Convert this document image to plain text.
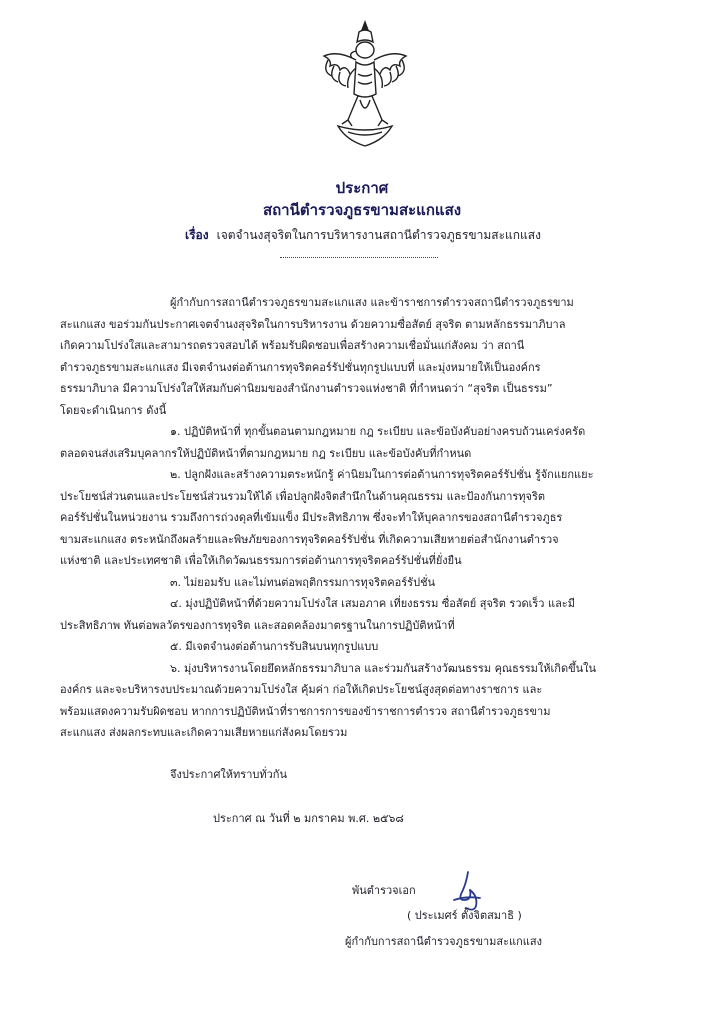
ประกาศ
สถานีตำรวจภูธรขามสะแกแสง
เรื่อง เจตจำนงสุจริตในการบริหารงานสถานีตำรวจภูธรขามสะแกแสง

ผู้กำกับการสถานีตำรวจภูธรขามสะแกแสง และข้าราชการตำรวจสถานีตำรวจภูธรขาม

สะแกแสง ขอร่วมกันประกาศเจตจำนงสุจริตในการบริหารงาน ด้วยความซื่อสัตย์ สุจริต ตามหลักธรรมาภิบาล

เกิดความโปร่งใสและสามารถตรวจสอบได้ พร้อมรับผิดชอบเพื่อสร้างความเชื่อมั่นแก่สังคม ว่า สถานี

ตำรวจภูธรขามสะแกแสง มีเจตจำนงต่อต้านการทุจริตคอร์รัปชั่นทุกรูปแบบที่ และมุ่งหมายให้เป็นองค์กร

ธรรมาภิบาล มีความโปร่งใสให้สมกับค่านิยมของสำนักงานตำรวจแห่งชาติ ที่กำหนดว่า “สุจริต เป็นธรรม”

โดยจะดำเนินการ ดังนี้

๑. ปฏิบัติหน้าที่ ทุกขั้นตอนตามกฎหมาย กฎ ระเบียบ และข้อบังคับอย่างครบถ้วนเคร่งครัด

ตลอดจนส่งเสริมบุคลากรให้ปฏิบัติหน้าที่ตามกฎหมาย กฎ ระเบียบ และข้อบังคับที่กำหนด

๒. ปลูกฝังและสร้างความตระหนักรู้ ค่านิยมในการต่อต้านการทุจริตคอร์รัปชั่น รู้จักแยกแยะ

ประโยชน์ส่วนตนและประโยชน์ส่วนรวมให้ได้ เพื่อปลูกฝังจิตสำนึกในด้านคุณธรรม และป้องกันการทุจริต

คอร์รัปชั่นในหน่วยงาน รวมถึงการถ่วงดุลที่เข้มแข็ง มีประสิทธิภาพ ซึ่งจะทำให้บุคลากรของสถานีตำรวจภูธร

ขามสะแกแสง ตระหนักถึงผลร้ายและพิษภัยของการทุจริตคอร์รัปชั่น ที่เกิดความเสียหายต่อสำนักงานตำรวจ

แห่งชาติ และประเทศชาติ เพื่อให้เกิดวัฒนธรรมการต่อต้านการทุจริตคอร์รัปชั่นที่ยั่งยืน

๓. ไม่ยอมรับ และไม่ทนต่อพฤติกรรมการทุจริตคอร์รัปชั่น

๔. มุ่งปฏิบัติหน้าที่ด้วยความโปร่งใส เสมอภาค เที่ยงธรรม ซื่อสัตย์ สุจริต รวดเร็ว และมี

ประสิทธิภาพ ทันต่อพลวัตรของการทุจริต และสอดคล้องมาตรฐานในการปฏิบัติหน้าที่

๕. มีเจตจำนงต่อต้านการรับสินบนทุกรูปแบบ

๖. มุ่งบริหารงานโดยยึดหลักธรรมาภิบาล และร่วมกันสร้างวัฒนธรรม คุณธรรมให้เกิดขึ้นใน

องค์กร และจะบริหารงบประมาณด้วยความโปร่งใส คุ้มค่า ก่อให้เกิดประโยชน์สูงสุดต่อทางราชการ และ

พร้อมแสดงความรับผิดชอบ หากการปฏิบัติหน้าที่ราชการการของข้าราชการตำรวจ สถานีตำรวจภูธรขาม

สะแกแสง ส่งผลกระทบและเกิดความเสียหายแก่สังคมโดยรวม

จึงประกาศให้ทราบทั่วกัน
ประกาศ ณ วันที่ ๒ มกราคม พ.ศ. ๒๕๖๘
พันตำรวจเอก
( ประเมศร์ ตั้งจิตสมาธิ )
ผู้กำกับการสถานีตำรวจภูธรขามสะแกแสง
